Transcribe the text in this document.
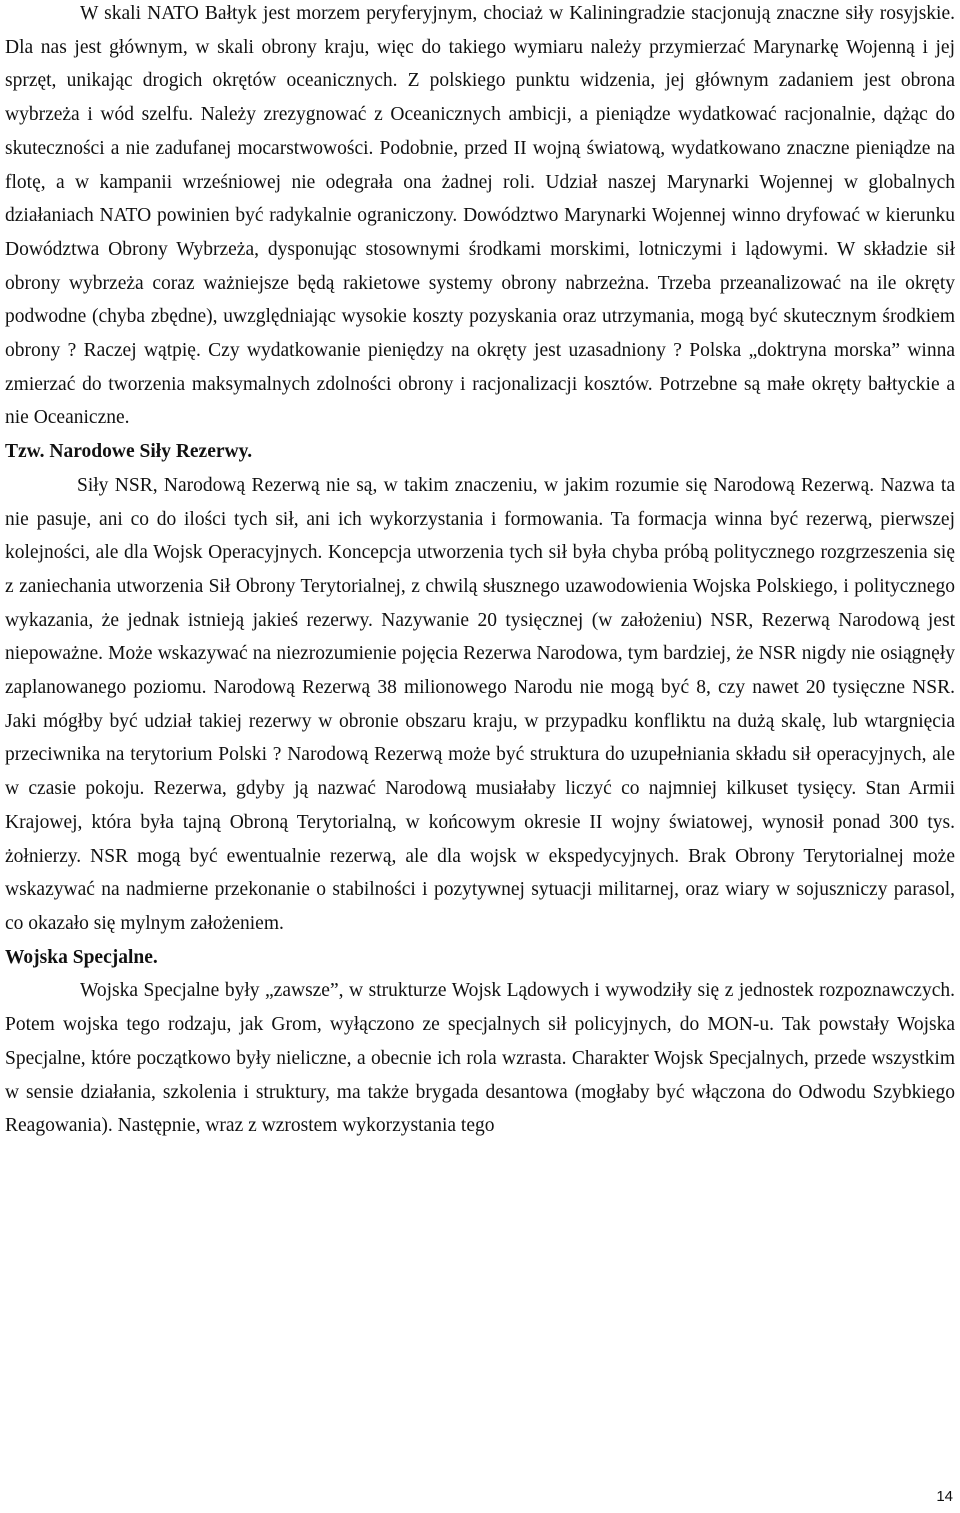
W skali NATO Bałtyk jest morzem peryferyjnym, chociaż w Kaliningradzie stacjonują znaczne siły rosyjskie. Dla nas jest głównym, w skali obrony kraju, więc do takiego wymiaru należy przymierzać Marynarkę Wojenną i jej sprzęt, unikając drogich okrętów oceanicznych. Z polskiego punktu widzenia, jej głównym zadaniem jest obrona wybrzeża i wód szelfu. Należy zrezygnować z Oceanicznych ambicji, a pieniądze wydatkować racjonalnie, dążąc do skuteczności a nie zadufanej mocarstwowości. Podobnie, przed II wojną światową, wydatkowano znaczne pieniądze na flotę, a w kampanii wrześniowej nie odegrała ona żadnej roli. Udział naszej Marynarki Wojennej w globalnych działaniach NATO powinien być radykalnie ograniczony. Dowództwo Marynarki Wojennej winno dryfować w kierunku Dowództwa Obrony Wybrzeża, dysponując stosownymi środkami morskimi, lotniczymi i lądowymi. W składzie sił obrony wybrzeża coraz ważniejsze będą rakietowe systemy obrony nabrzeżna. Trzeba przeanalizować na ile okręty podwodne (chyba zbędne), uwzględniając wysokie koszty pozyskania oraz utrzymania, mogą być skutecznym środkiem obrony ? Raczej wątpię. Czy wydatkowanie pieniędzy na okręty jest uzasadniony ? Polska „doktryna morska” winna zmierzać do tworzenia maksymalnych zdolności obrony i racjonalizacji kosztów. Potrzebne są małe okręty bałtyckie a nie Oceaniczne.

Tzw. Narodowe Siły Rezerwy.

Siły NSR, Narodową Rezerwą nie są, w takim znaczeniu, w jakim rozumie się Narodową Rezerwą. Nazwa ta nie pasuje, ani co do ilości tych sił, ani ich wykorzystania i formowania. Ta formacja winna być rezerwą, pierwszej kolejności, ale dla Wojsk Operacyjnych. Koncepcja utworzenia tych sił była chyba próbą politycznego rozgrzeszenia się z zaniechania utworzenia Sił Obrony Terytorialnej, z chwilą słusznego uzawodowienia Wojska Polskiego, i politycznego wykazania, że jednak istnieją jakieś rezerwy. Nazywanie 20 tysięcznej (w założeniu) NSR, Rezerwą Narodową jest niepoważne. Może wskazywać na niezrozumienie pojęcia Rezerwa Narodowa, tym bardziej, że NSR nigdy nie osiągnęły zaplanowanego poziomu. Narodową Rezerwą 38 milionowego Narodu nie mogą być 8, czy nawet 20 tysięczne NSR. Jaki mógłby być udział takiej rezerwy w obronie obszaru kraju, w przypadku konfliktu na dużą skalę, lub wtargnięcia przeciwnika na terytorium Polski ? Narodową Rezerwą może być struktura do uzupełniania składu sił operacyjnych, ale w czasie pokoju. Rezerwa, gdyby ją nazwać Narodową musiałaby liczyć co najmniej kilkuset tysięcy. Stan Armii Krajowej, która była tajną Obroną Terytorialną, w końcowym okresie II wojny światowej, wynosił ponad 300 tys. żołnierzy. NSR mogą być ewentualnie rezerwą, ale dla wojsk w ekspedycyjnych. Brak Obrony Terytorialnej może wskazywać na nadmierne przekonanie o stabilności i pozytywnej sytuacji militarnej, oraz wiary w sojuszniczy parasol, co okazało się mylnym założeniem.

Wojska Specjalne.

Wojska Specjalne były „zawsze”, w strukturze Wojsk Lądowych i wywodziły się z jednostek rozpoznawczych. Potem wojska tego rodzaju, jak Grom, wyłączono ze specjalnych sił policyjnych, do MON-u. Tak powstały Wojska Specjalne, które początkowo były nieliczne, a obecnie ich rola wzrasta. Charakter Wojsk Specjalnych, przede wszystkim w sensie działania, szkolenia i struktury, ma także brygada desantowa (mogłaby być włączona do Odwodu Szybkiego Reagowania). Następnie, wraz z wzrostem wykorzystania tego

14
